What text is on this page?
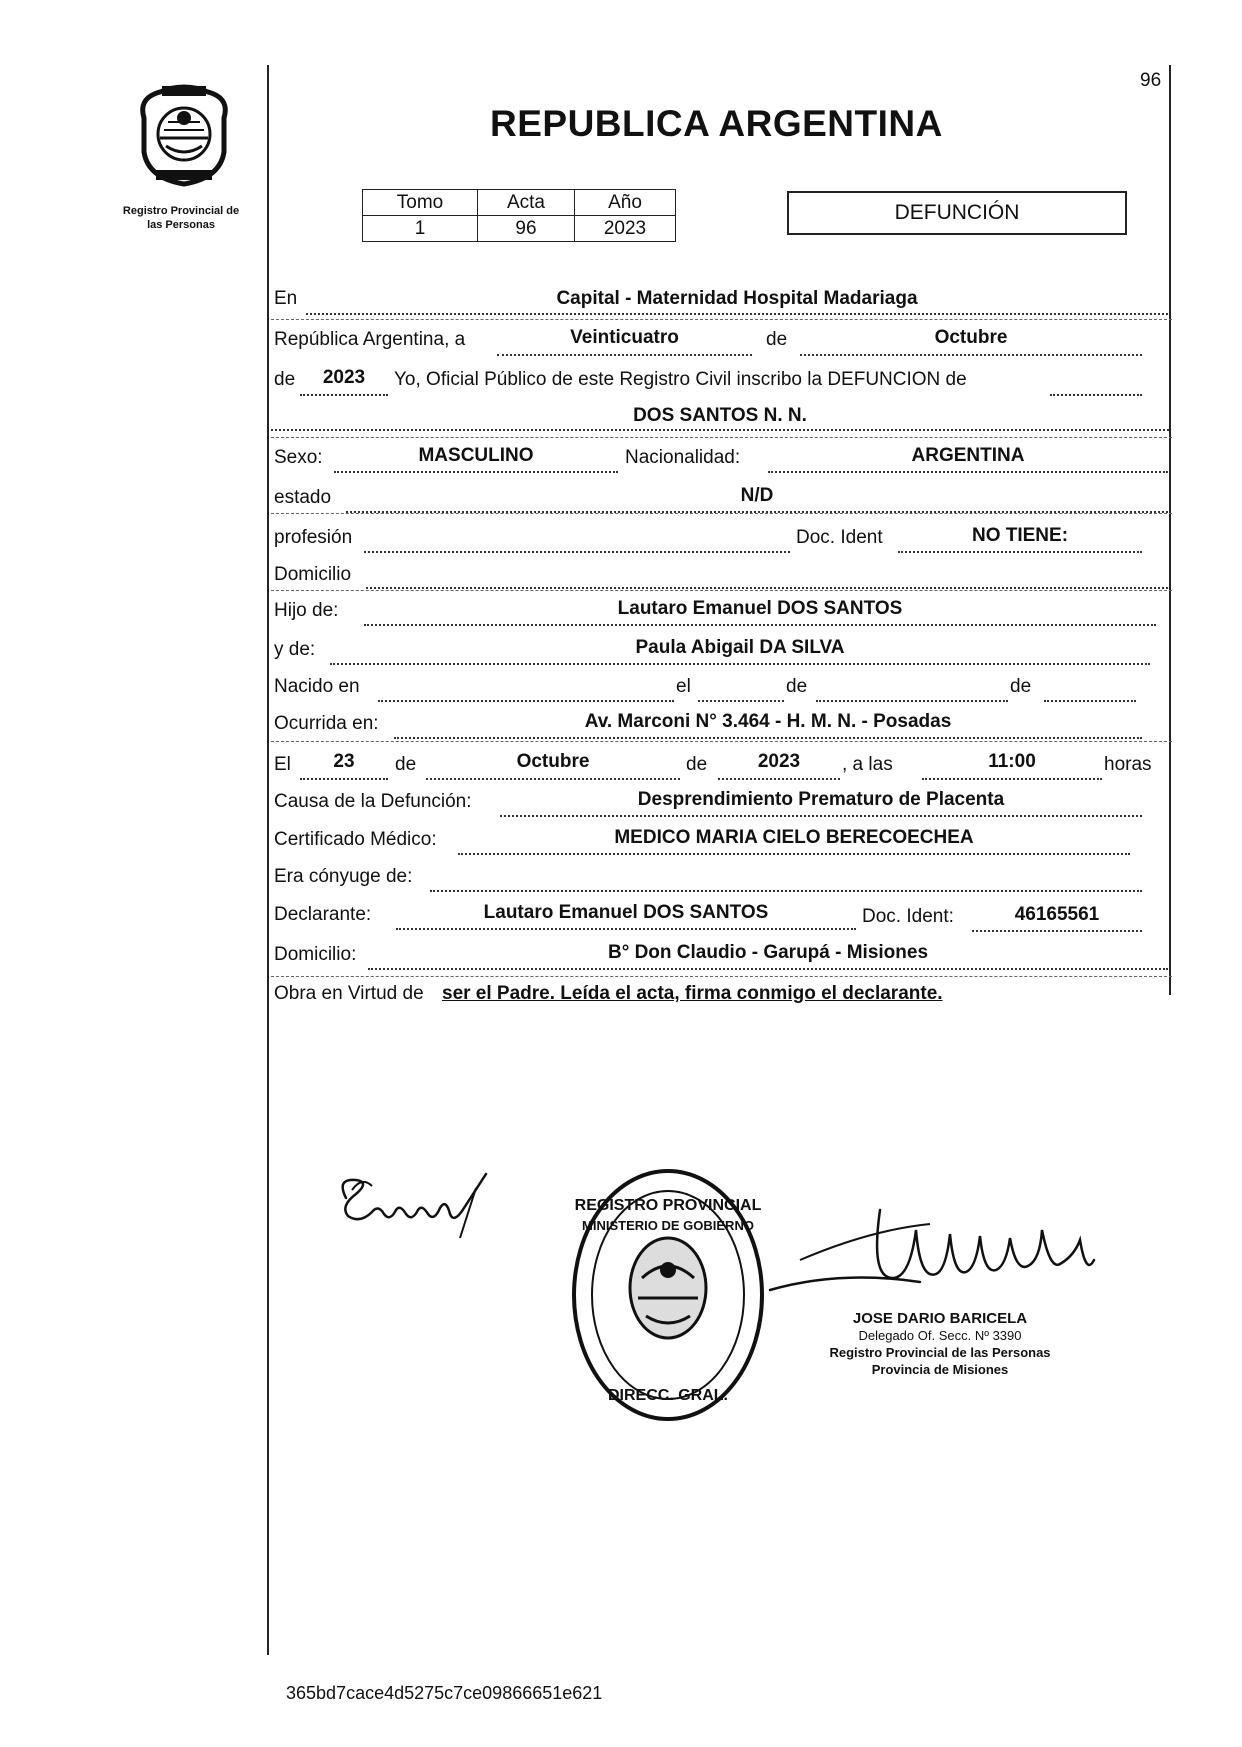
96
Registro Provincial de
las Personas
REPUBLICA ARGENTINA
Tomo	Acta	Año
1	96	2023
DEFUNCIÓN
En	Capital - Maternidad Hospital Madariaga
República Argentina, a	Veinticuatro	de	Octubre
de	2023	Yo, Oficial Público de este Registro Civil inscribo la DEFUNCION de
DOS SANTOS N. N.
Sexo:	MASCULINO	Nacionalidad:	ARGENTINA
estado	N/D
profesión	Doc. Ident	NO TIENE:
Domicilio
Hijo de:	Lautaro Emanuel DOS SANTOS
y de:	Paula Abigail DA SILVA
Nacido en	el	de	de
Ocurrida en:	Av. Marconi N° 3.464 - H. M. N. - Posadas
El	23	de	Octubre	de	2023	, a las	11:00	horas
Causa de la Defunción:	Desprendimiento Prematuro de Placenta
Certificado Médico:	MEDICO MARIA CIELO BERECOECHEA
Era cónyuge de:
Declarante:	Lautaro Emanuel DOS SANTOS	Doc. Ident:	46165561
Domicilio:	B° Don Claudio - Garupá - Misiones
Obra en Virtud de ser el Padre. Leída el acta, firma conmigo el declarante.
REGISTRO PROVINCIAL
MINISTERIO DE GOBIERNO
DIRECC. GRAL.
JOSE DARIO BARICELA
Delegado Of. Secc. Nº 3390
Registro Provincial de las Personas
Provincia de Misiones
365bd7cace4d5275c7ce09866651e621
